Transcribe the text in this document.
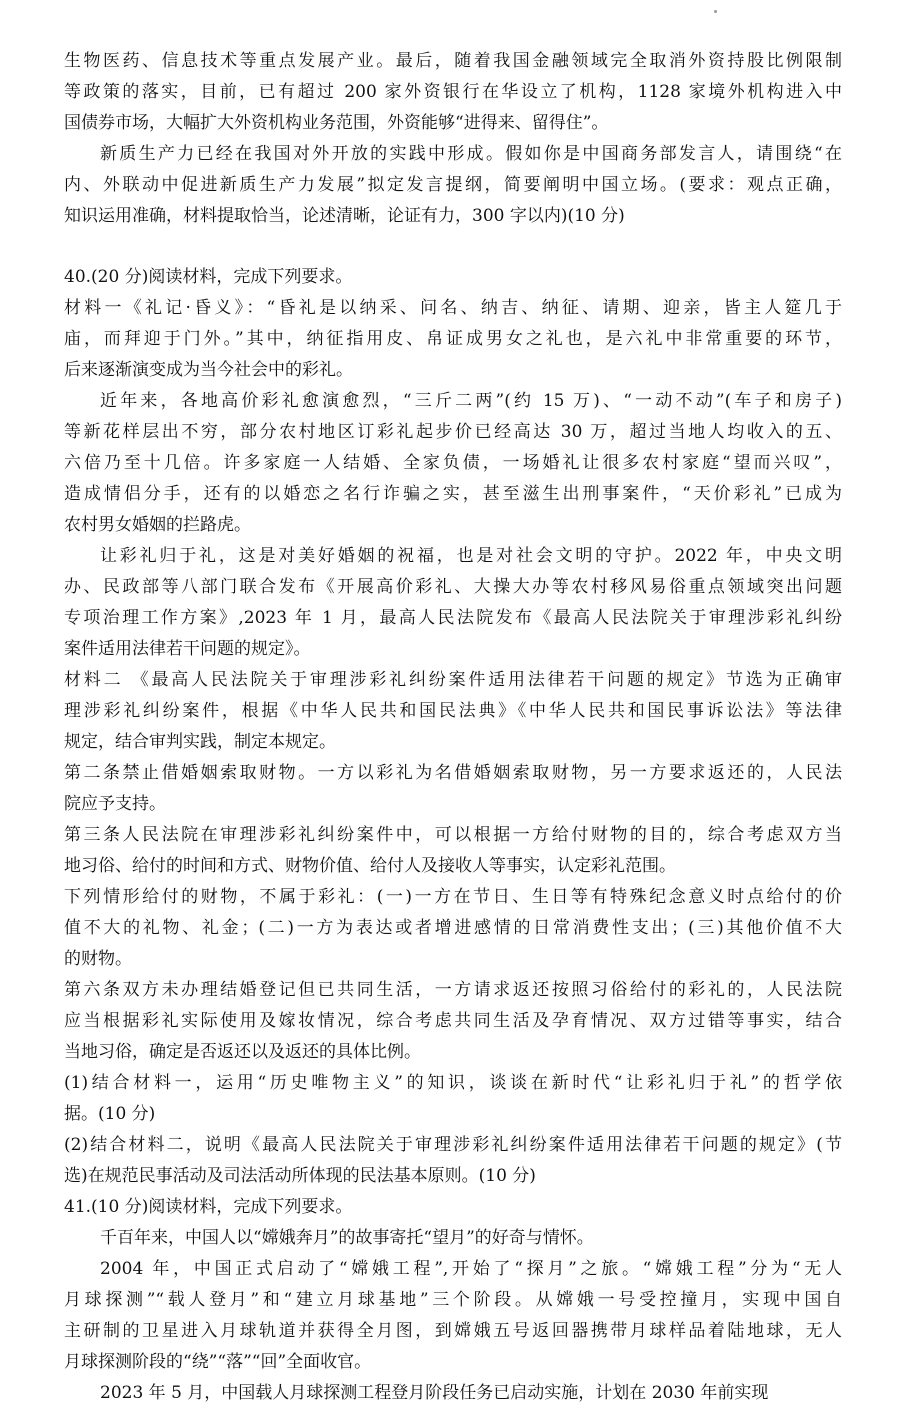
生物医药、信息技术等重点发展产业。最后，随着我国金融领域完全取消外资持股比例限制
等政策的落实，目前，已有超过 200 家外资银行在华设立了机构，1128 家境外机构进入中
国债券市场，大幅扩大外资机构业务范围，外资能够“进得来、留得住”。
新质生产力已经在我国对外开放的实践中形成。假如你是中国商务部发言人，请围绕“在
内、外联动中促进新质生产力发展”拟定发言提纲，简要阐明中国立场。(要求：观点正确，
知识运用准确，材料提取恰当，论述清晰，论证有力，300 字以内)(10 分)
40.(20 分)阅读材料，完成下列要求。
材料一《礼记·昏义》：“昏礼是以纳采、问名、纳吉、纳征、请期、迎亲，皆主人筵几于
庙，而拜迎于门外。”其中，纳征指用皮、帛证成男女之礼也，是六礼中非常重要的环节，
后来逐渐演变成为当今社会中的彩礼。
近年来，各地高价彩礼愈演愈烈，“三斤二两”(约 15 万)、“一动不动”(车子和房子)
等新花样层出不穷，部分农村地区订彩礼起步价已经高达 30 万，超过当地人均收入的五、
六倍乃至十几倍。许多家庭一人结婚、全家负债，一场婚礼让很多农村家庭“望而兴叹”，
造成情侣分手，还有的以婚恋之名行诈骗之实，甚至滋生出刑事案件，“天价彩礼”已成为
农村男女婚姻的拦路虎。
让彩礼归于礼，这是对美好婚姻的祝福，也是对社会文明的守护。2022 年，中央文明
办、民政部等八部门联合发布《开展高价彩礼、大操大办等农村移风易俗重点领域突出问题
专项治理工作方案》,2023 年 1 月，最高人民法院发布《最高人民法院关于审理涉彩礼纠纷
案件适用法律若干问题的规定》。
材料二 《最高人民法院关于审理涉彩礼纠纷案件适用法律若干问题的规定》节选为正确审
理涉彩礼纠纷案件，根据《中华人民共和国民法典》《中华人民共和国民事诉讼法》等法律
规定，结合审判实践，制定本规定。
第二条禁止借婚姻索取财物。一方以彩礼为名借婚姻索取财物，另一方要求返还的，人民法
院应予支持。
第三条人民法院在审理涉彩礼纠纷案件中，可以根据一方给付财物的目的，综合考虑双方当
地习俗、给付的时间和方式、财物价值、给付人及接收人等事实，认定彩礼范围。
下列情形给付的财物，不属于彩礼：(一)一方在节日、生日等有特殊纪念意义时点给付的价
值不大的礼物、礼金；(二)一方为表达或者增进感情的日常消费性支出；(三)其他价值不大
的财物。
第六条双方未办理结婚登记但已共同生活，一方请求返还按照习俗给付的彩礼的，人民法院
应当根据彩礼实际使用及嫁妆情况，综合考虑共同生活及孕育情况、双方过错等事实，结合
当地习俗，确定是否返还以及返还的具体比例。
(1)结合材料一，运用“历史唯物主义”的知识，谈谈在新时代“让彩礼归于礼”的哲学依
据。(10 分)
(2)结合材料二，说明《最高人民法院关于审理涉彩礼纠纷案件适用法律若干问题的规定》(节
选)在规范民事活动及司法活动所体现的民法基本原则。(10 分)
41.(10 分)阅读材料，完成下列要求。
千百年来，中国人以“嫦娥奔月”的故事寄托“望月”的好奇与情怀。
2004 年，中国正式启动了“嫦娥工程”,开始了“探月”之旅。“嫦娥工程”分为“无人
月球探测”“载人登月”和“建立月球基地”三个阶段。从嫦娥一号受控撞月，实现中国自
主研制的卫星进入月球轨道并获得全月图，到嫦娥五号返回器携带月球样品着陆地球，无人
月球探测阶段的“绕”“落”“回”全面收官。
2023 年 5 月，中国载人月球探测工程登月阶段任务已启动实施，计划在 2030 年前实现
